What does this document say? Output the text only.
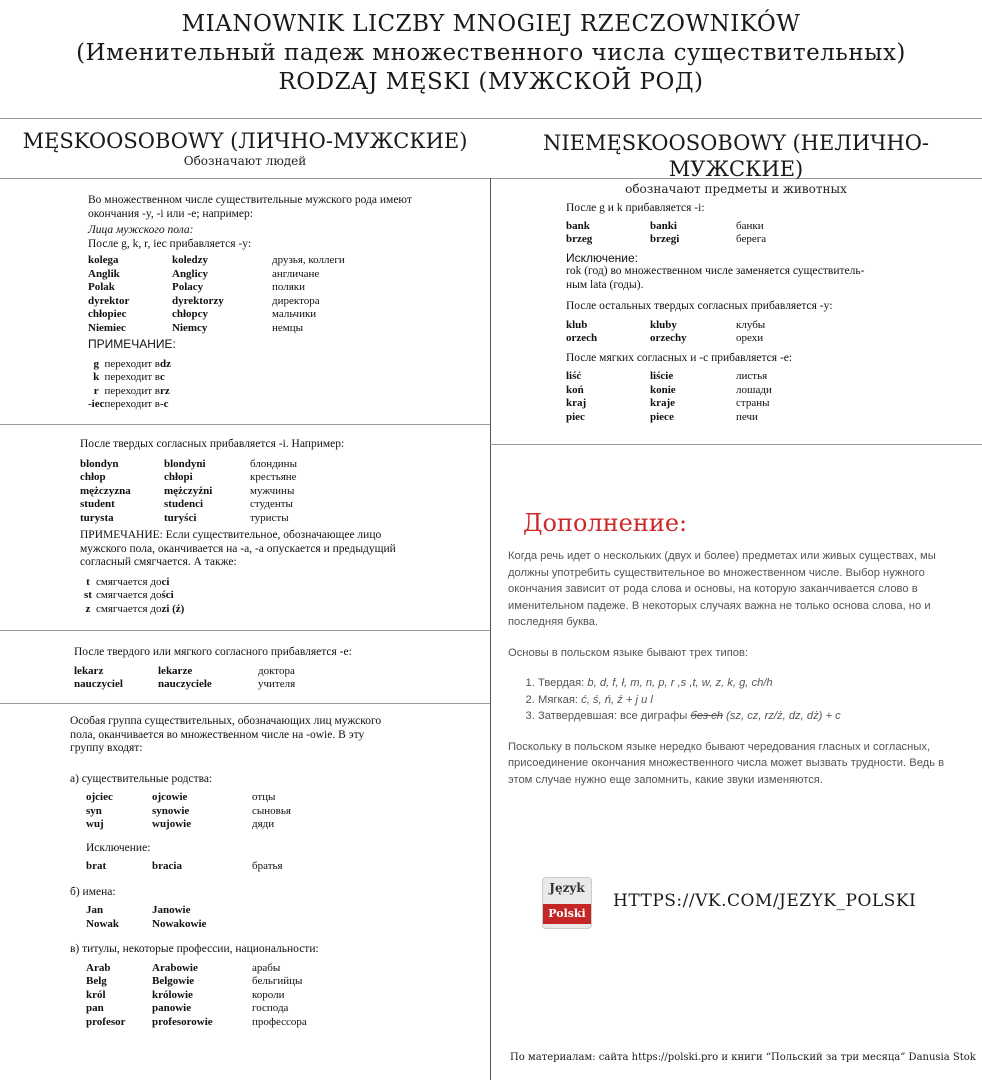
MIANOWNIK LICZBY MNOGIEJ RZECZOWNIKÓW
(Именительный падеж множественного числа существительных)
RODZAJ MĘSKI (МУЖСКОЙ РОД)
MĘSKOOSOBOWY (ЛИЧНО-МУЖСКИЕ)
Обозначают людей
NIEMĘSKOOSOBOWY (НЕЛИЧНО-МУЖСКИЕ)
обозначают предметы и животных

Во множественном числе существительные мужского рода имеют окончания -y, -i или -e; например:

Лица мужского пола:

После g, k, r, iec прибавляется -y:

kolega	koledzy	друзья, коллеги
Anglik	Anglicy	англичане
Polak	Polacy	поляки
dyrektor	dyrektorzy	директора
chłopiec	chłopcy	мальчики
Niemiec	Niemcy	немцы

ПРИМЕЧАНИЕ:

g	переходит в	dz
k	переходит в	c
r	переходит в	rz
-iec	переходит в	-c

После твердых согласных прибавляется -i. Например:

blondyn	blondyni	блондины
chłop	chłopi	крестьяне
mężczyzna	mężczyźni	мужчины
student	studenci	студенты
turysta	turyści	туристы

ПРИМЕЧАНИЕ: Если существительное, обозначающее лицо мужского пола, оканчивается на -a, -a опускается и предыдущий согласный смягчается. А также:

t	смягчается до	ci
st	смягчается до	ści
z	смягчается до	zi (ź)

После твердого или мягкого согласного прибавляется -e:

lekarz	lekarze	доктора
nauczyciel	nauczyciele	учителя

Особая группа существительных, обозначающих лиц мужского пола, оканчивается во множественном числе на -owie. В эту группу входят:

а) существительные родства:

ojciec	ojcowie	отцы
syn	synowie	сыновья
wuj	wujowie	дяди

Исключение:

brat	bracia	братья

б) имена:

Jan	Janowie	
Nowak	Nowakowie	

в) титулы, некоторые профессии, национальности:

Arab	Arabowie	арабы
Belg	Belgowie	бельгийцы
król	królowie	короли
pan	panowie	господа
profesor	profesorowie	профессора

После g и k прибавляется -i:

bank	banki	банки
brzeg	brzegi	берега

Исключение:

rok (год) во множественном числе заменяется существитель-ным lata (годы).

После остальных твердых согласных прибавляется -y:

klub	kluby	клубы
orzech	orzechy	орехи

После мягких согласных и -c прибавляется -e:

liść	liście	листья
koń	konie	лошади
kraj	kraje	страны
piec	piece	печи
Дополнение:

Когда речь идет о нескольких (двух и более) предметах или живых существах, мы должны употребить существительное во множественном числе. Выбор нужного окончания зависит от рода слова и основы, на которую заканчивается слово в именительном падеже. В некоторых случаях важна не только основа слова, но и последняя буква.

Основы в польском языке бывают трех типов:

1. Твердая: b, d, f, ł, m, n, p, r ,s ,t, w, z, k, g, ch/h
2. Мягкая: ć, ś, ń, ź + j и l
3. Затвердевшая: все диграфы без ch (sz, cz, rz/ż, dz, dż) + c

Поскольку в польском языке нередко бывают чередования гласных и согласных, присоединение окончания множественного числа может вызвать трудности. Ведь в этом случае нужно еще запомнить, какие звуки изменяются.

Język
Polski
HTTPS://VK.COM/JEZYK_POLSKI
По материалам: сайта https://polski.pro и книги “Польский за три месяца” Danusia Stok
